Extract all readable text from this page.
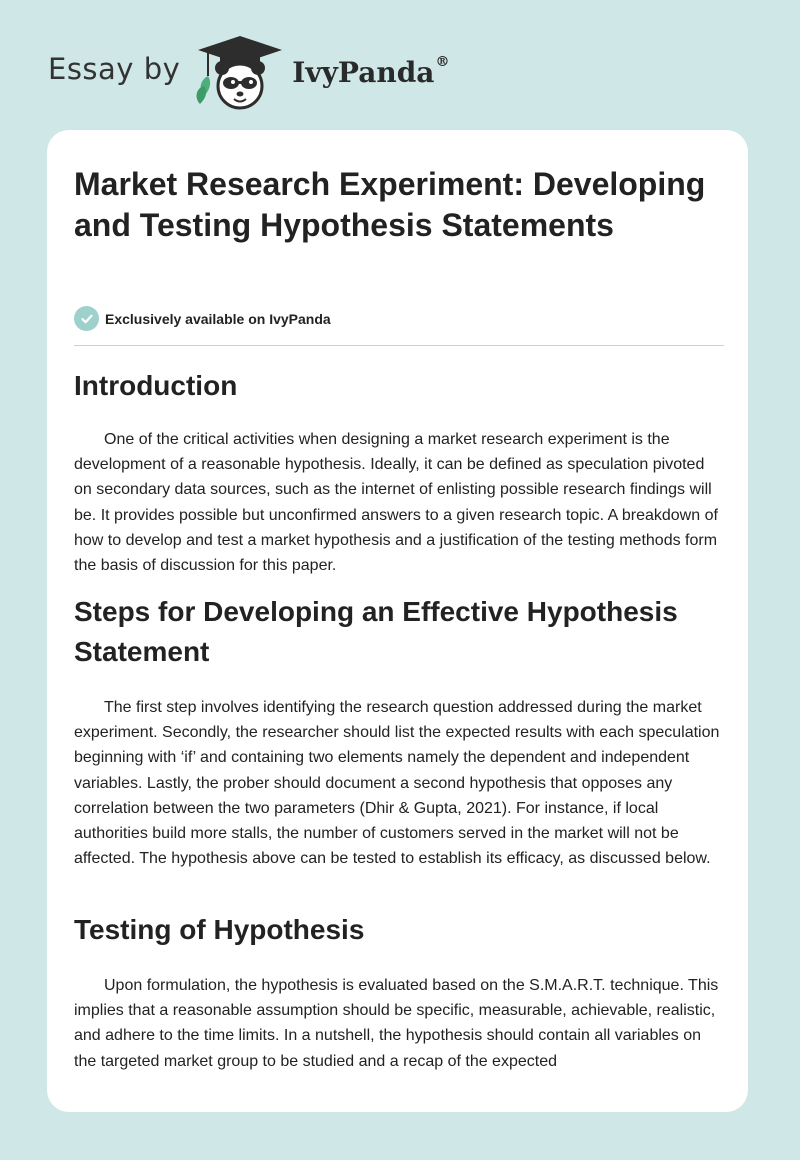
Essay by	IvyPanda®
Market Research Experiment: Developing and Testing Hypothesis Statements
Exclusively available on IvyPanda
Introduction

One of the critical activities when designing a market research experiment is the development of a reasonable hypothesis. Ideally, it can be defined as speculation pivoted on secondary data sources, such as the internet of enlisting possible research findings will be. It provides possible but unconfirmed answers to a given research topic. A breakdown of how to develop and test a market hypothesis and a justification of the testing methods form the basis of discussion for this paper.

Steps for Developing an Effective Hypothesis Statement

The first step involves identifying the research question addressed during the market experiment. Secondly, the researcher should list the expected results with each speculation beginning with ‘if’ and containing two elements namely the dependent and independent variables. Lastly, the prober should document a second hypothesis that opposes any correlation between the two parameters (Dhir & Gupta, 2021). For instance, if local authorities build more stalls, the number of customers served in the market will not be affected. The hypothesis above can be tested to establish its efficacy, as discussed below.

Testing of Hypothesis

Upon formulation, the hypothesis is evaluated based on the S.M.A.R.T. technique. This implies that a reasonable assumption should be specific, measurable, achievable, realistic, and adhere to the time limits. In a nutshell, the hypothesis should contain all variables on the targeted market group to be studied and a recap of the expected
